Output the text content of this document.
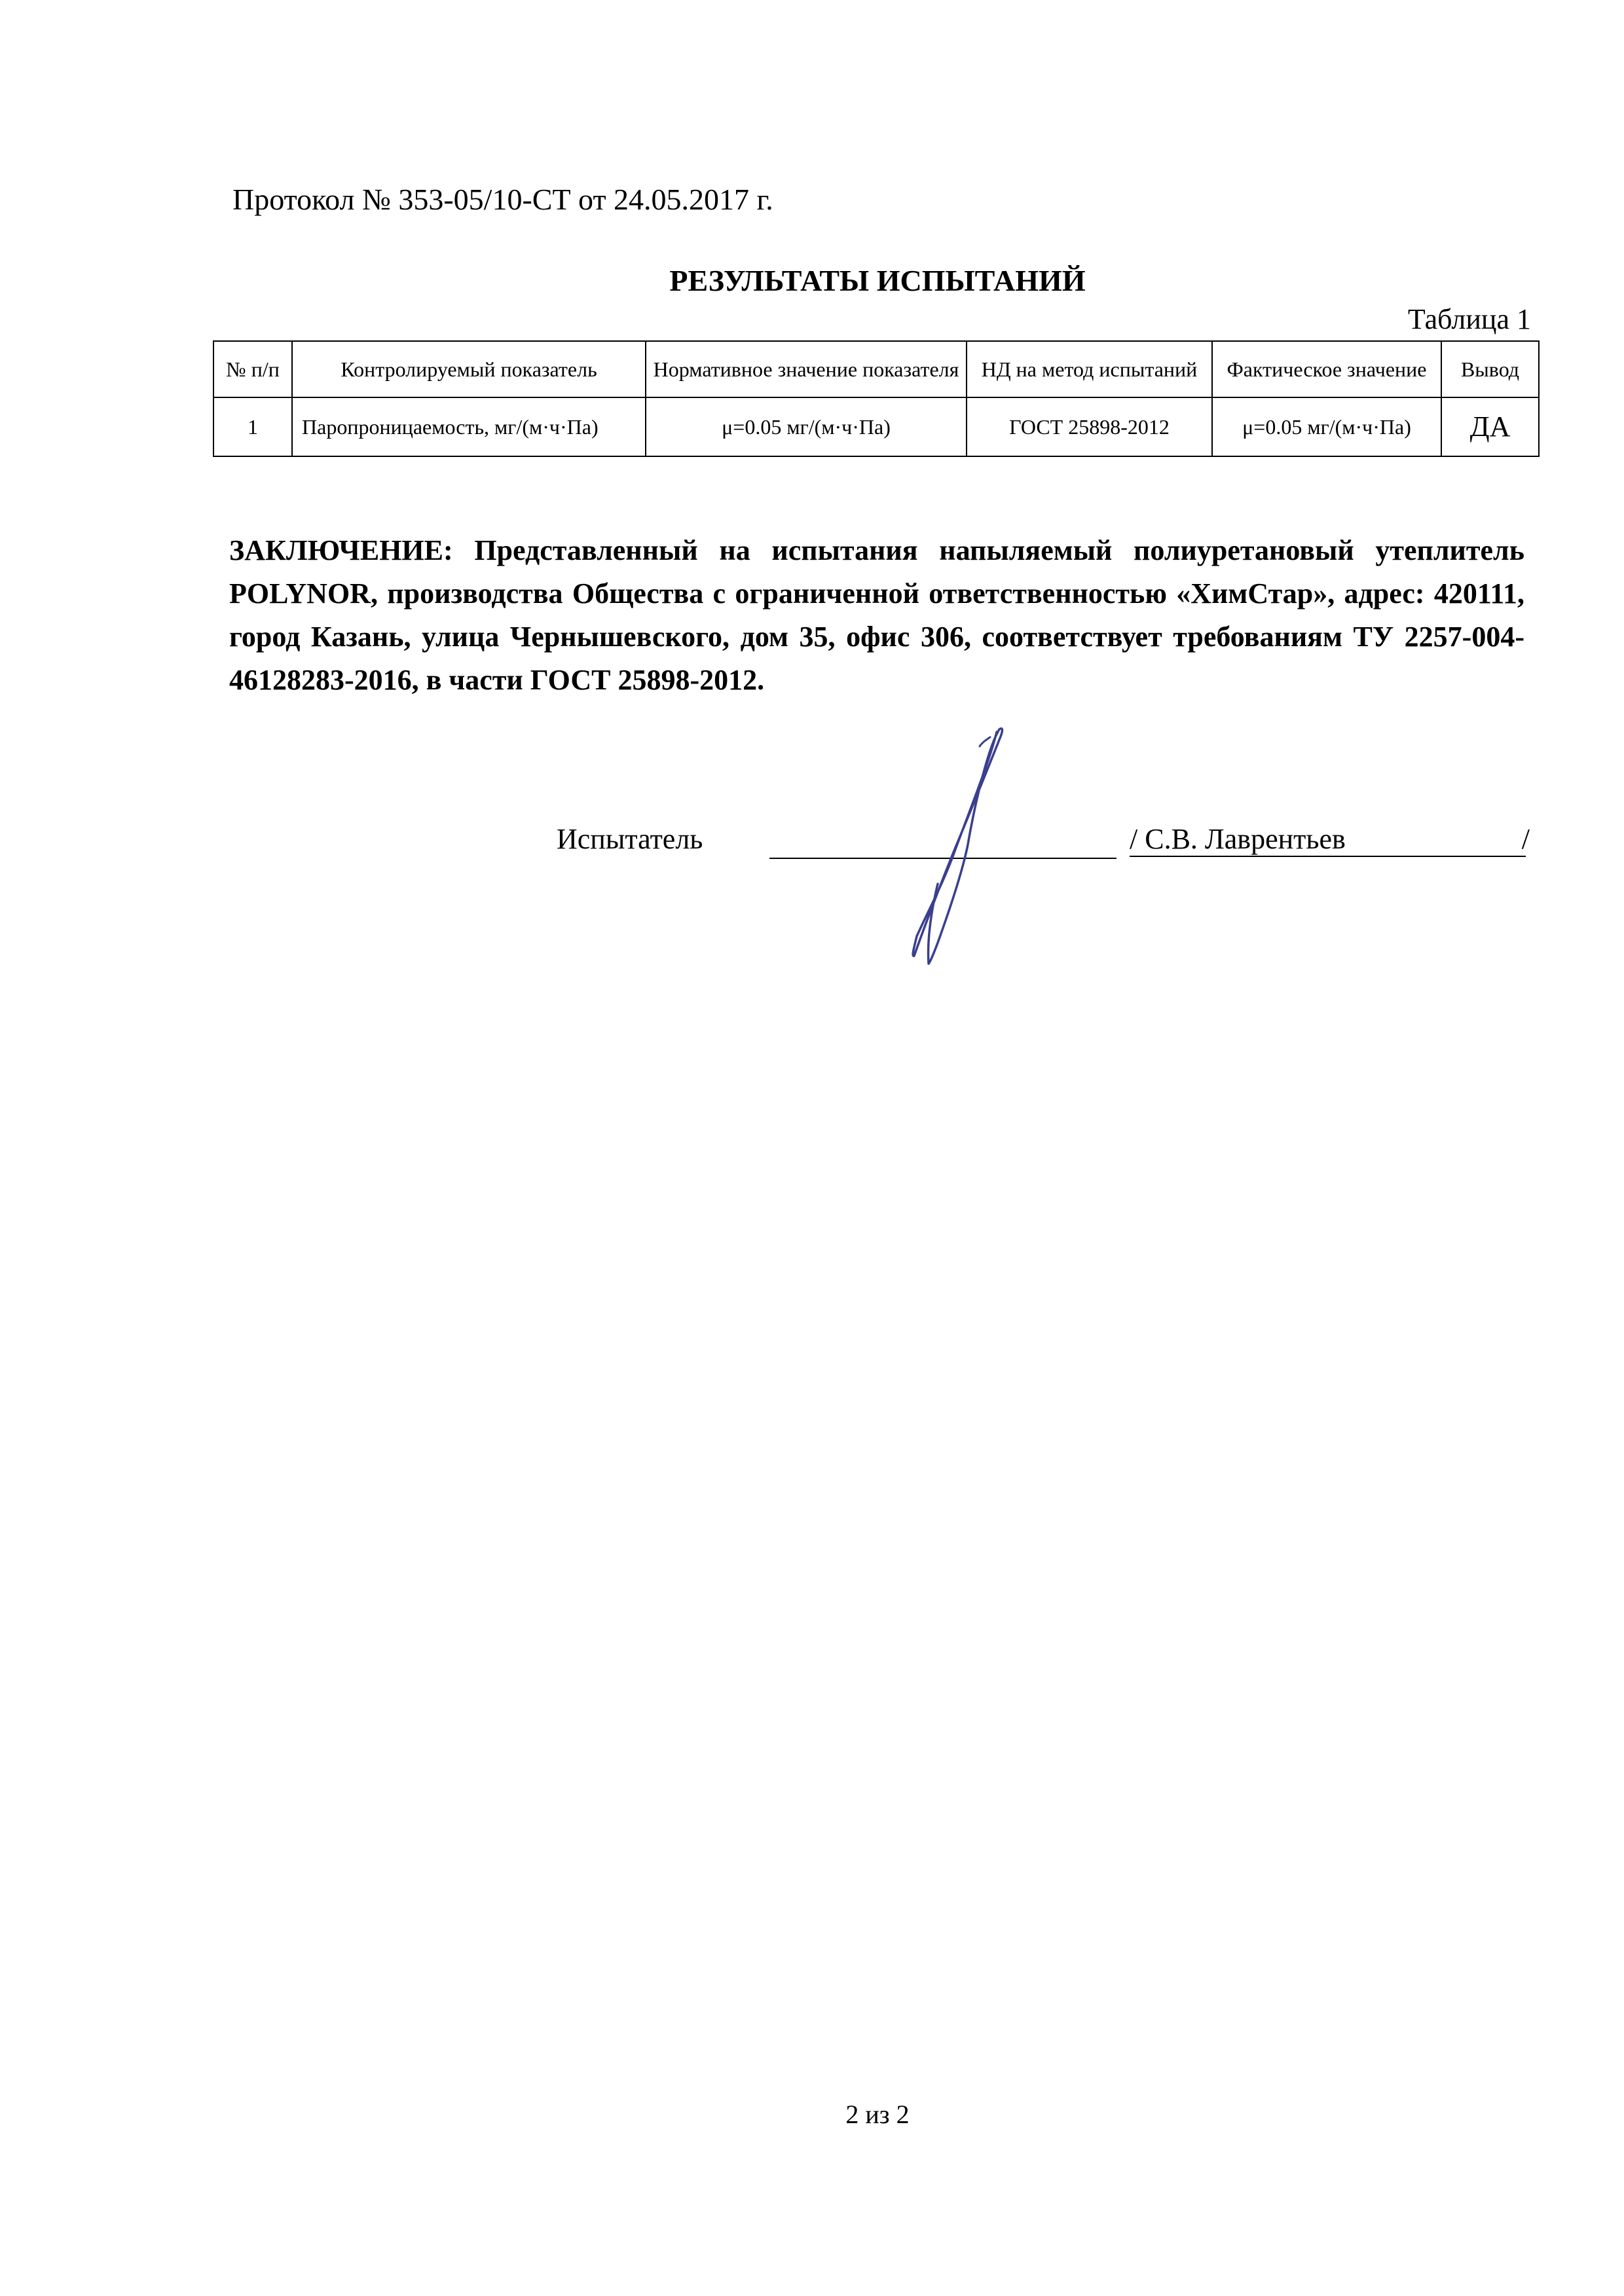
Протокол № 353-05/10-СТ от 24.05.2017 г.
РЕЗУЛЬТАТЫ ИСПЫТАНИЙ
Таблица 1
№ п/п	Контролируемый показатель	Нормативное значение показателя	НД на метод испытаний	Фактическое значение	Вывод
1	Паропроницаемость, мг/(м·ч·Па)	μ=0.05 мг/(м·ч·Па)	ГОСТ 25898-2012	μ=0.05 мг/(м·ч·Па)	ДА
ЗАКЛЮЧЕНИЕ: Представленный на испытания напыляемый полиуретановый утеплитель POLYNOR, производства Общества с ограниченной ответственностью «ХимСтар», адрес: 420111, город Казань, улица Чернышевского, дом 35, офис 306, соответствует требованиям ТУ 2257-004-46128283-2016, в части ГОСТ 25898-2012.
Испытатель	/ С.В. Лаврентьев	/
2 из 2
